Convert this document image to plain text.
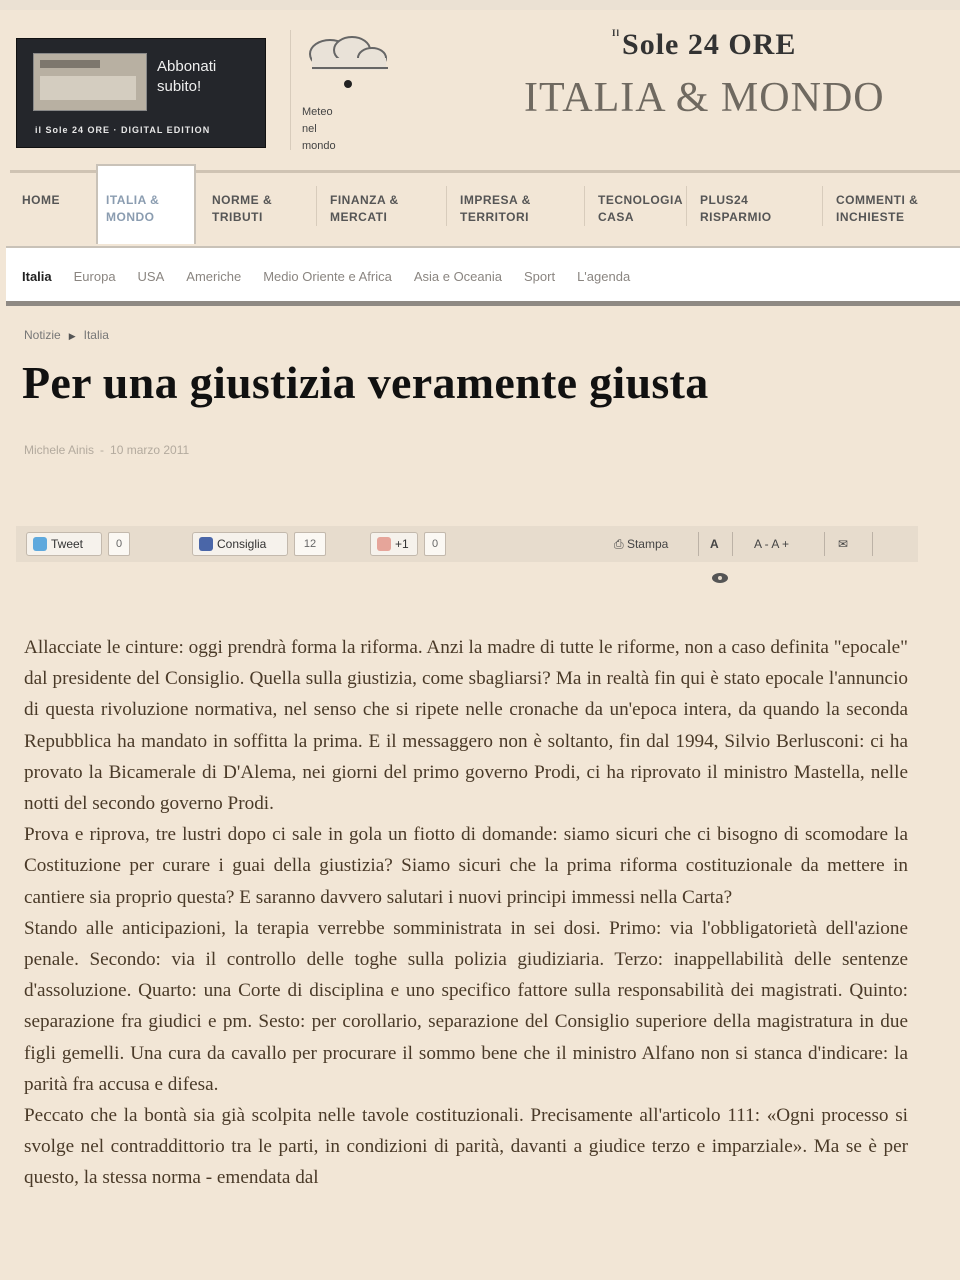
Abbonati subito!
il Sole 24 ORE · DIGITAL EDITION
Meteo
nel
mondo
$^{Il}$Sole 24 ORE
ITALIA & MONDO
HOME	ITALIA &
MONDO
NORME &
TRIBUTI
FINANZA &
MERCATI
IMPRESA &
TERRITORI
TECNOLOGIA
CASA
PLUS24
RISPARMIO
COMMENTI &
INCHIESTE
Italia Europa USA Americhe Medio Oriente e Africa Asia e Oceania Sport L'agenda
Notizie ▶ Italia
Per una giustizia veramente giusta
Michele Ainis - 10 marzo 2011
Tweet	0	Consiglia	12	+1	0	⎙ Stampa	A	A - A +	✉

Allacciate le cinture: oggi prendrà forma la riforma. Anzi la madre di tutte le riforme, non a caso definita "epocale" dal presidente del Consiglio. Quella sulla giustizia, come sbagliarsi? Ma in realtà fin qui è stato epocale l'annuncio di questa rivoluzione normativa, nel senso che si ripete nelle cronache da un'epoca intera, da quando la seconda Repubblica ha mandato in soffitta la prima. E il messaggero non è soltanto, fin dal 1994, Silvio Berlusconi: ci ha provato la Bicamerale di D'Alema, nei giorni del primo governo Prodi, ci ha riprovato il ministro Mastella, nelle notti del secondo governo Prodi.

Prova e riprova, tre lustri dopo ci sale in gola un fiotto di domande: siamo sicuri che ci bisogno di scomodare la Costituzione per curare i guai della giustizia? Siamo sicuri che la prima riforma costituzionale da mettere in cantiere sia proprio questa? E saranno davvero salutari i nuovi principi immessi nella Carta?

Stando alle anticipazioni, la terapia verrebbe somministrata in sei dosi. Primo: via l'obbligatorietà dell'azione penale. Secondo: via il controllo delle toghe sulla polizia giudiziaria. Terzo: inappellabilità delle sentenze d'assoluzione. Quarto: una Corte di disciplina e uno specifico fattore sulla responsabilità dei magistrati. Quinto: separazione fra giudici e pm. Sesto: per corollario, separazione del Consiglio superiore della magistratura in due figli gemelli. Una cura da cavallo per procurare il sommo bene che il ministro Alfano non si stanca d'indicare: la parità fra accusa e difesa.

Peccato che la bontà sia già scolpita nelle tavole costituzionali. Precisamente all'articolo 111: «Ogni processo si svolge nel contraddittorio tra le parti, in condizioni di parità, davanti a giudice terzo e imparziale». Ma se è per questo, la stessa norma - emendata dal
